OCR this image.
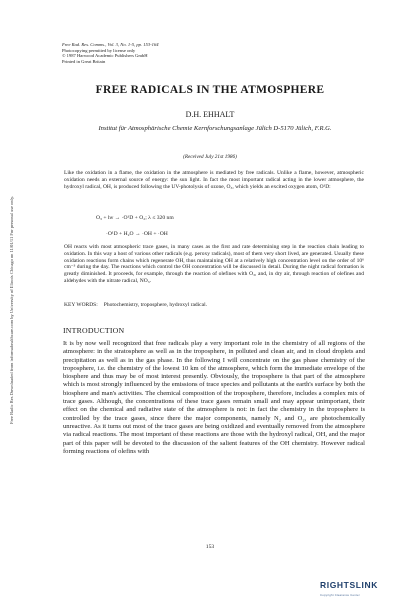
Free Rad. Res. Comms., Vol. 3, No. 1-5, pp. 153-164
Photocopying permitted by license only
© 1987 Harwood Academic Publishers GmbH
Printed in Great Britain
FREE RADICALS IN THE ATMOSPHERE
D.H. EHHALT
Institut für Atmosphärische Chemie Kernforschungsanlage Jülich D-5170 Jülich, F.R.G.
(Received July 21st 1986)
Like the oxidation in a flame, the oxidation in the atmosphere is mediated by free radicals. Unlike a flame, however, atmospheric oxidation needs an external source of energy: the sun light. In fact the most important radical acting in the lower atmosphere, the hydroxyl radical, OH, is produced following the UV-photolysis of ozone, O₃, which yields an excited oxygen atom, O¹D:
O₃ + hν → ·O¹D + O₂; λ ≤ 320 nm
·O¹D + H₂O → ·OH + ·OH
OH reacts with most atmospheric trace gases, in many cases as the first and rate determining step in the reaction chain leading to oxidation. In this way a host of various other radicals (e.g. peroxy radicals), most of them very short lived, are generated. Usually these oxidation reactions form chains which regenerate OH, thus maintaining OH at a relatively high concentration level on the order of 10⁶ cm⁻³ during the day. The reactions which control the OH concentration will be discussed in detail. During the night radical formation is greatly diminished. It proceeds, for example, through the reaction of olefines with O₃, and, in dry air, through reaction of olefines and aldehydes with the nitrate radical, NO₃.
KEY WORDS: Photochemistry, troposphere, hydroxyl radical.
INTRODUCTION
It is by now well recognized that free radicals play a very important role in the chemistry of all regions of the atmosphere: in the stratosphere as well as in the troposphere, in polluted and clean air, and in cloud droplets and precipitation as well as in the gas phase. In the following I will concentrate on the gas phase chemistry of the troposphere, i.e. the chemistry of the lowest 10 km of the atmosphere, which form the immediate envelope of the biosphere and thus may be of most interest presently. Obviously, the troposphere is that part of the atmosphere which is most strongly influenced by the emissions of trace species and pollutants at the earth's surface by both the biosphere and man's activities. The chemical composition of the troposphere, therefore, includes a complex mix of trace gases. Although, the concentrations of these trace gases remain small and may appear unimportant, their effect on the chemical and radiative state of the atmosphere is not: in fact the chemistry in the troposphere is controlled by the trace gases, since there the major components, namely N₂ and O₂, are photochemically unreactive. As it turns out most of the trace gases are being oxidized and eventually removed from the atmosphere via radical reactions. The most important of these reactions are those with the hydroxyl radical, OH, and the major part of this paper will be devoted to the discussion of the salient features of the OH chemistry. However radical forming reactions of olefins with
153
Free Radic Res Downloaded from informahealthcare.com by University of Illinois Chicago on 11/01/11 For personal use only.
RIGHTSLINK
Copyright Clearance Center
